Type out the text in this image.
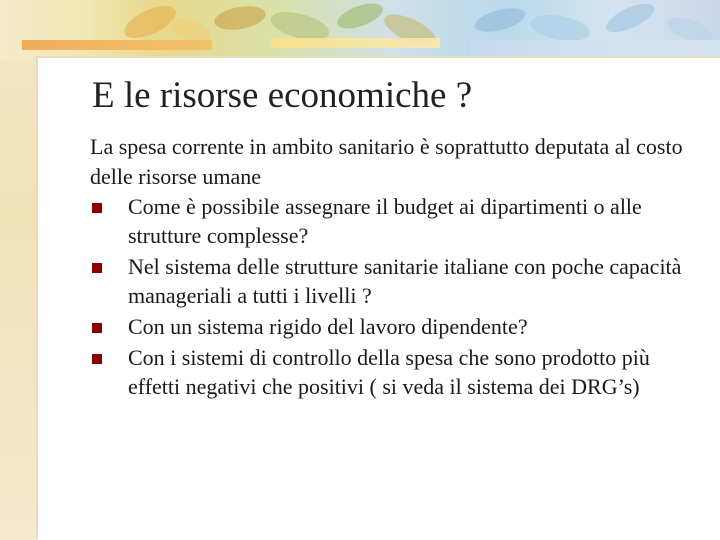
E le risorse economiche ?

La spesa corrente in ambito sanitario è soprattutto deputata al costo delle risorse umane

Come è possibile assegnare il budget ai dipartimenti o alle strutture complesse?
Nel sistema delle strutture sanitarie italiane con poche capacità manageriali a tutti i livelli ?
Con un sistema rigido del lavoro dipendente?
Con i sistemi di controllo della spesa che sono prodotto più effetti negativi che positivi ( si veda il sistema dei DRG’s)
